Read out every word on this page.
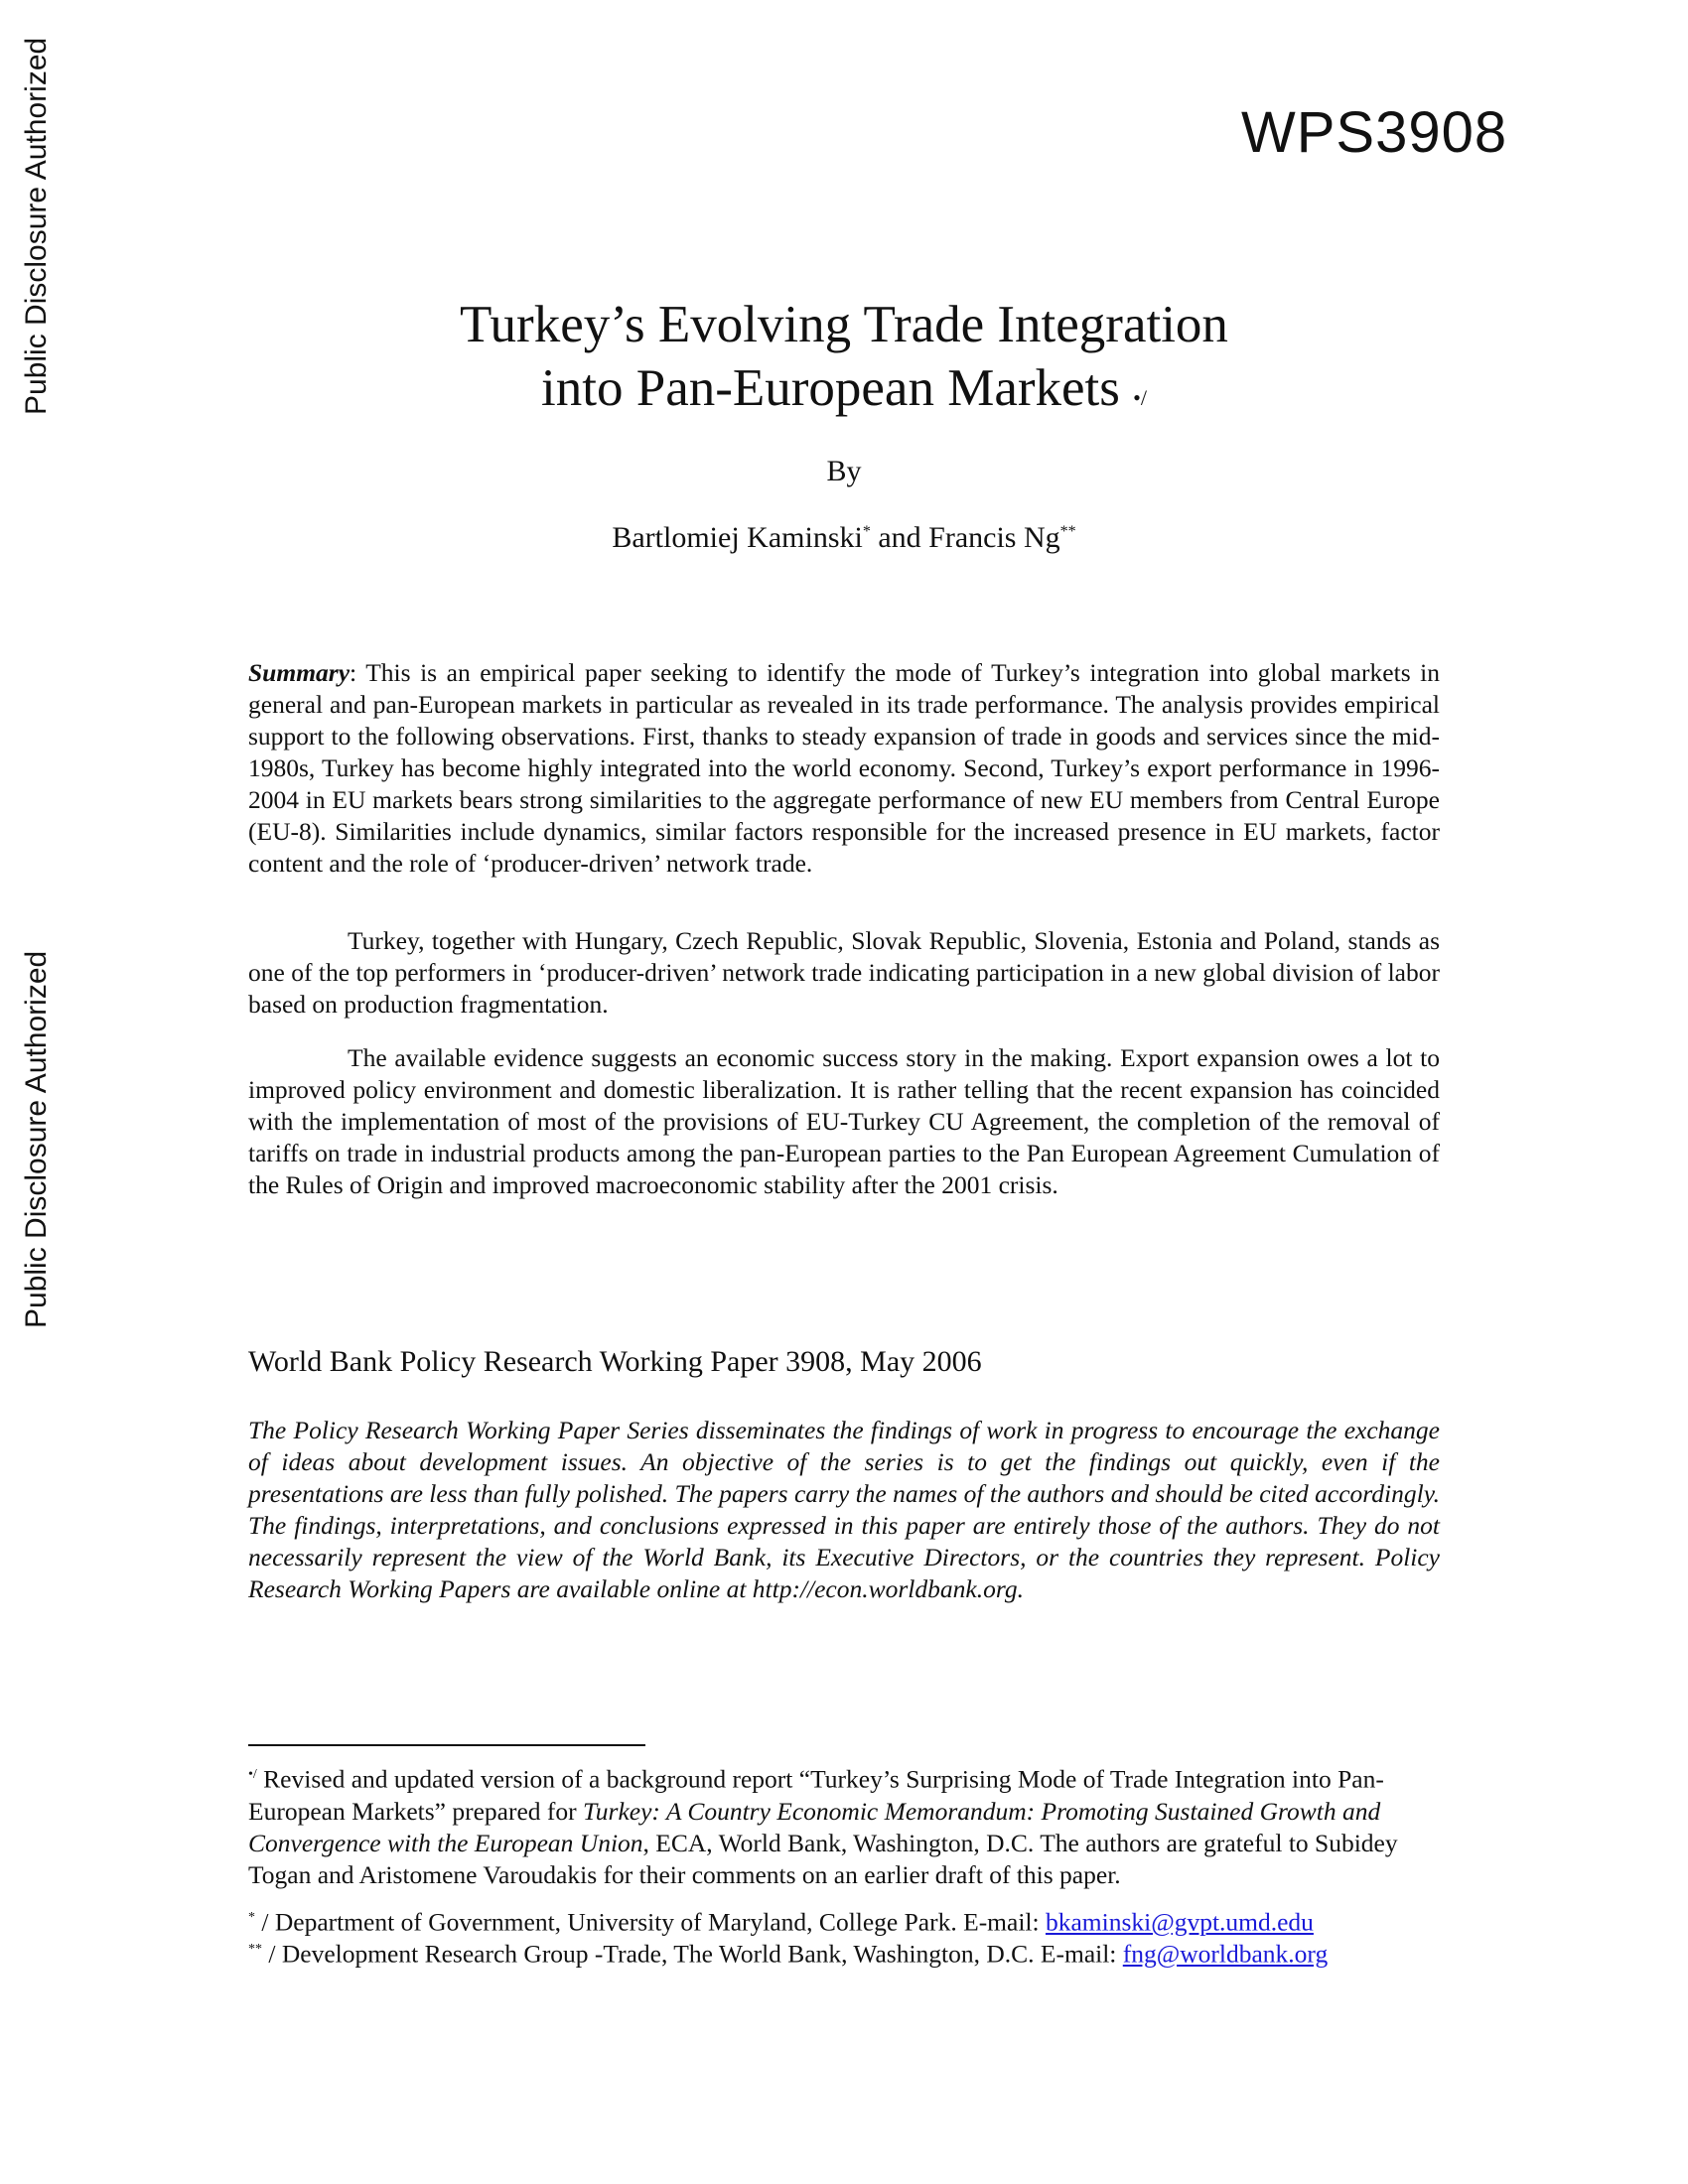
Public Disclosure Authorized
Public Disclosure Authorized
WPS3908
Turkey’s Evolving Trade Integration
into Pan-European Markets •/
By
Bartlomiej Kaminski* and Francis Ng**

Summary: This is an empirical paper seeking to identify the mode of Turkey’s integration into global markets in general and pan-European markets in particular as revealed in its trade performance. The analysis provides empirical support to the following observations. First, thanks to steady expansion of trade in goods and services since the mid-1980s, Turkey has become highly integrated into the world economy. Second, Turkey’s export performance in 1996-2004 in EU markets bears strong similarities to the aggregate performance of new EU members from Central Europe (EU-8). Similarities include dynamics, similar factors responsible for the increased presence in EU markets, factor content and the role of ‘producer-driven’ network trade.

Turkey, together with Hungary, Czech Republic, Slovak Republic, Slovenia, Estonia and Poland, stands as one of the top performers in ‘producer-driven’ network trade indicating participation in a new global division of labor based on production fragmentation.
The available evidence suggests an economic success story in the making. Export expansion owes a lot to improved policy environment and domestic liberalization. It is rather telling that the recent expansion has coincided with the implementation of most of the provisions of EU-Turkey CU Agreement, the completion of the removal of tariffs on trade in industrial products among the pan-European parties to the Pan European Agreement Cumulation of the Rules of Origin and improved macroeconomic stability after the 2001 crisis.
World Bank Policy Research Working Paper 3908, May 2006
The Policy Research Working Paper Series disseminates the findings of work in progress to encourage the exchange of ideas about development issues. An objective of the series is to get the findings out quickly, even if the presentations are less than fully polished. The papers carry the names of the authors and should be cited accordingly. The findings, interpretations, and conclusions expressed in this paper are entirely those of the authors. They do not necessarily represent the view of the World Bank, its Executive Directors, or the countries they represent. Policy Research Working Papers are available online at http://econ.worldbank.org.
•/ Revised and updated version of a background report “Turkey’s Surprising Mode of Trade Integration into Pan-European Markets” prepared for Turkey: A Country Economic Memorandum: Promoting Sustained Growth and Convergence with the European Union, ECA, World Bank, Washington, D.C. The authors are grateful to Subidey Togan and Aristomene Varoudakis for their comments on an earlier draft of this paper.
* / Department of Government, University of Maryland, College Park. E-mail: bkaminski@gvpt.umd.edu
** / Development Research Group -Trade, The World Bank, Washington, D.C. E-mail: fng@worldbank.org
